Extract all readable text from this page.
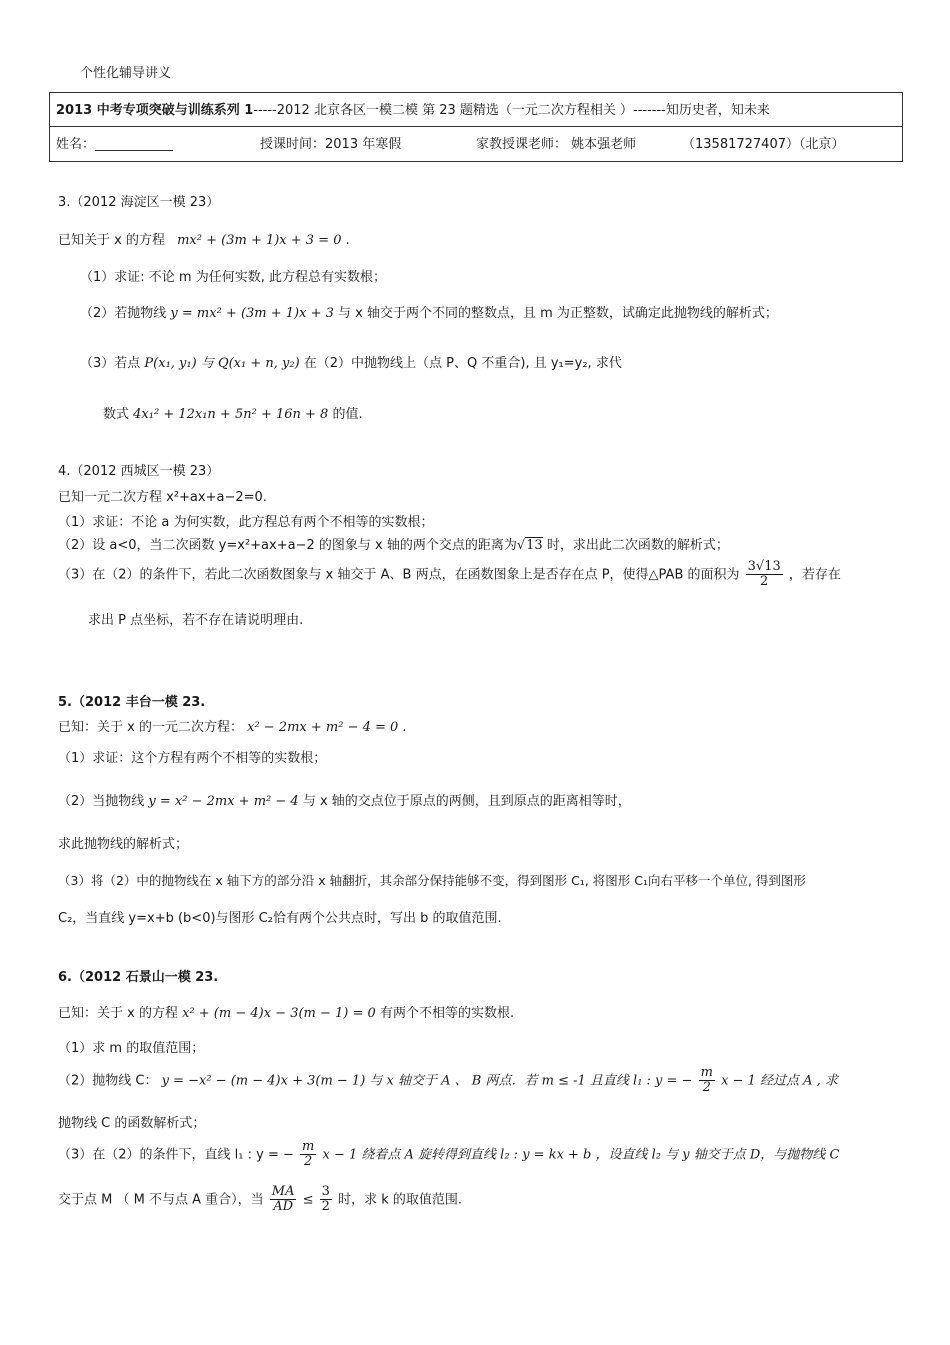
个性化辅导讲义
2013 中考专项突破与训练系列 1-----2012 北京各区一模二模 第 23 题精选（一元二次方程相关 ）-------知历史者，知未来
姓名：____________	授课时间：2013 年寒假	家教授课老师： 姚本强老师	（13581727407）（北京）
3.（2012 海淀区一模 23）
已知关于 x 的方程 mx² + (3m + 1)x + 3 = 0 .
（1）求证: 不论 m 为任何实数, 此方程总有实数根；
（2）若抛物线 y = mx² + (3m + 1)x + 3 与 x 轴交于两个不同的整数点，且 m 为正整数，试确定此抛物线的解析式；
（3）若点 P(x₁, y₁) 与 Q(x₁ + n, y₂) 在（2）中抛物线上（点 P、Q 不重合), 且 y₁=y₂, 求代
数式 4x₁² + 12x₁n + 5n² + 16n + 8 的值.
4.（2012 西城区一模 23）
已知一元二次方程 x²+ax+a−2=0.
（1）求证：不论 a 为何实数，此方程总有两个不相等的实数根；
（2）设 a<0，当二次函数 y=x²+ax+a−2 的图象与 x 轴的两个交点的距离为√13 时，求出此二次函数的解析式；
（3）在（2）的条件下，若此二次函数图象与 x 轴交于 A、B 两点，在函数图象上是否存在点 P，使得△PAB 的面积为 $\frac{3√13}{2}$ ，若存在
求出 P 点坐标，若不存在请说明理由.
5.（2012 丰台一模 23.
已知：关于 x 的一元二次方程： x² − 2mx + m² − 4 = 0 .
（1）求证：这个方程有两个不相等的实数根；
（2）当抛物线 y = x² − 2mx + m² − 4 与 x 轴的交点位于原点的两侧，且到原点的距离相等时，
求此抛物线的解析式；
（3）将（2）中的抛物线在 x 轴下方的部分沿 x 轴翻折，其余部分保持能够不变，得到图形 C₁, 将图形 C₁向右平移一个单位, 得到图形
C₂，当直线 y=x+b (b<0)与图形 C₂恰有两个公共点时，写出 b 的取值范围.
6.（2012 石景山一模 23.
已知：关于 x 的方程 x² + (m − 4)x − 3(m − 1) = 0 有两个不相等的实数根.
（1）求 m 的取值范围；
（2）抛物线 C： y = −x² − (m − 4)x + 3(m − 1) 与 x 轴交于 A 、 B 两点．若 m ≤ -1 且直线 l₁ : y = − $\frac{m}{2}$ x − 1 经过点 A , 求
抛物线 C 的函数解析式；
（3）在（2）的条件下，直线 l₁ : y = − $\frac{m}{2}$ x − 1 绕着点 A 旋转得到直线 l₂ : y = kx + b ，设直线 l₂ 与 y 轴交于点 D，与抛物线 C
交于点 M （ M 不与点 A 重合），当 $\frac{MA}{AD} \le \frac{3}{2}$ 时，求 k 的取值范围.
